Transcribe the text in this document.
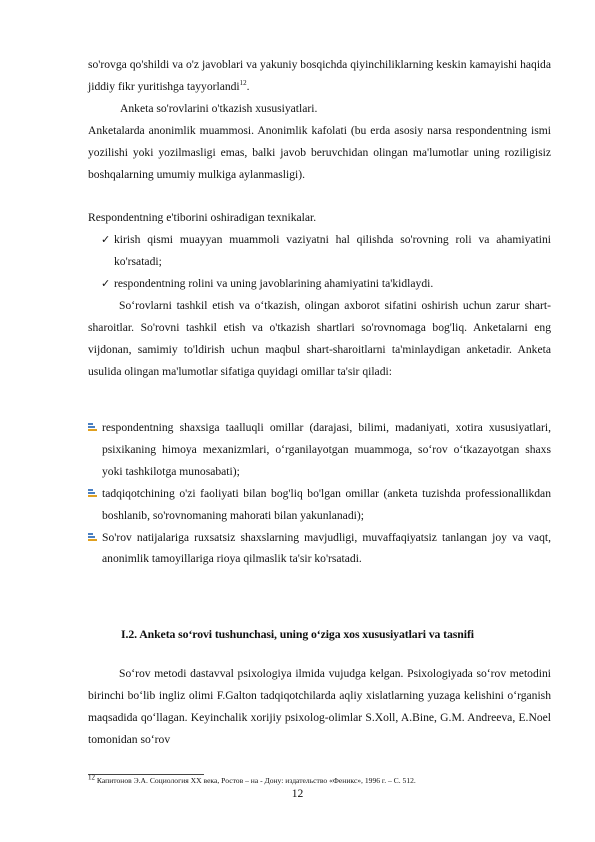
so'rovga qo'shildi va o'z javoblari va yakuniy bosqichda qiyinchiliklarning keskin kamayishi haqida jiddiy fikr yuritishga tayyorlandi$^{12}$.

Anketa so'rovlarini o'tkazish xususiyatlari.

Anketalarda anonimlik muammosi. Anonimlik kafolati (bu erda asosiy narsa respondentning ismi yozilishi yoki yozilmasligi emas, balki javob beruvchidan olingan ma'lumotlar uning roziligisiz boshqalarning umumiy mulkiga aylanmasligi).

Respondentning e'tiborini oshiradigan texnikalar.

✓ kirish qismi muayyan muammoli vaziyatni hal qilishda so'rovning roli va ahamiyatini ko'rsatadi;
✓ respondentning rolini va uning javoblarining ahamiyatini ta'kidlaydi.

So‘rovlarni tashkil etish va o‘tkazish, olingan axborot sifatini oshirish uchun zarur shart-sharoitlar. So'rovni tashkil etish va o'tkazish shartlari so'rovnomaga bog'liq. Anketalarni eng vijdonan, samimiy to'ldirish uchun maqbul shart-sharoitlarni ta'minlaydigan anketadir. Anketa usulida olingan ma'lumotlar sifatiga quyidagi omillar ta'sir qiladi:

respondentning shaxsiga taalluqli omillar (darajasi, bilimi, madaniyati, xotira xususiyatlari, psixikaning himoya mexanizmlari, o‘rganilayotgan muammoga, so‘rov o‘tkazayotgan shaxs yoki tashkilotga munosabati);
tadqiqotchining o'zi faoliyati bilan bog'liq bo'lgan omillar (anketa tuzishda professionallikdan boshlanib, so'rovnomaning mahorati bilan yakunlanadi);
So'rov natijalariga ruxsatsiz shaxslarning mavjudligi, muvaffaqiyatsiz tanlangan joy va vaqt, anonimlik tamoyillariga rioya qilmaslik ta'sir ko'rsatadi.
I.2. Anketa so‘rovi tushunchasi, uning o‘ziga xos xususiyatlari va tasnifi

So‘rov metodi dastavval psixologiya ilmida vujudga kelgan. Psixologiyada so‘rov metodini birinchi bo‘lib ingliz olimi F.Galton tadqiqotchilarda aqliy xislatlarning yuzaga kelishini o‘rganish maqsadida qo‘llagan. Keyinchalik xorijiy psixolog-olimlar S.Xoll, A.Bine, G.M. Andreeva, E.Noel tomonidan so‘rov

$^{12}$ Капитонов Э.А. Социология XX века, Ростов – на - Дону: издательство «Феникс», 1996 г. – С. 512.
12
